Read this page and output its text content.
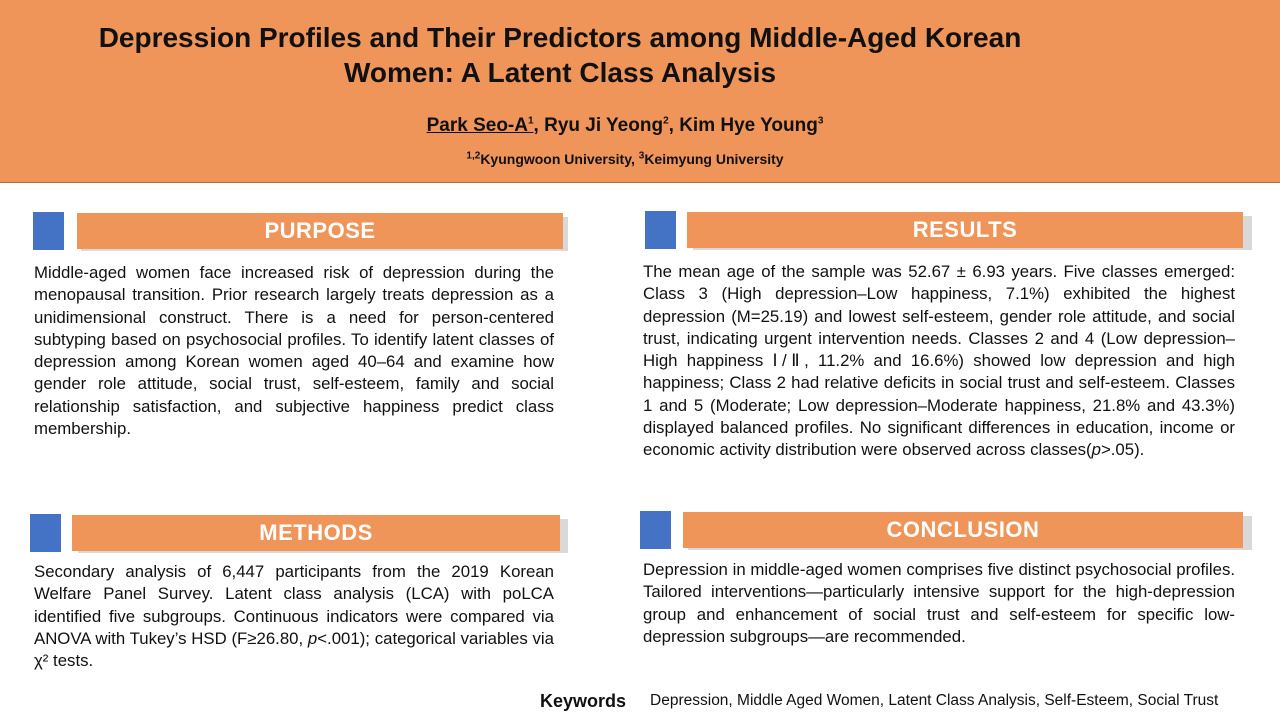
Depression Profiles and Their Predictors among Middle-Aged Korean
Women: A Latent Class Analysis
Park Seo-$A^1$, Ryu Ji Yeong$^2$, Kim Hye Young$^3$
$^{1,2}$Kyungwoon University, $^3$Keimyung University
PURPOSE
Middle-aged women face increased risk of depression during the menopausal transition. Prior research largely treats depression as a unidimensional construct. There is a need for person-centered subtyping based on psychosocial profiles. To identify latent classes of depression among Korean women aged 40–64 and examine how gender role attitude, social trust, self-esteem, family and social relationship satisfaction, and subjective happiness predict class membership.
METHODS
Secondary analysis of 6,447 participants from the 2019 Korean Welfare Panel Survey. Latent class analysis (LCA) with poLCA identified five subgroups. Continuous indicators were compared via ANOVA with Tukey’s HSD (F≥26.80, p<.001); categorical variables via χ² tests.
RESULTS
The mean age of the sample was 52.67 ± 6.93 years. Five classes emerged: Class 3 (High depression–Low happiness, 7.1%) exhibited the highest depression (M=25.19) and lowest self-esteem, gender role attitude, and social trust, indicating urgent intervention needs. Classes 2 and 4 (Low depression–High happiness Ⅰ/Ⅱ, 11.2% and 16.6%) showed low depression and high happiness; Class 2 had relative deficits in social trust and self-esteem. Classes 1 and 5 (Moderate; Low depression–Moderate happiness, 21.8% and 43.3%) displayed balanced profiles. No significant differences in education, income or economic activity distribution were observed across classes(p>.05).
CONCLUSION
Depression in middle-aged women comprises five distinct psychosocial profiles. Tailored interventions—particularly intensive support for the high-depression group and enhancement of social trust and self-esteem for specific low-depression subgroups—are recommended.
Keywords Depression, Middle Aged Women, Latent Class Analysis, Self-Esteem, Social Trust
